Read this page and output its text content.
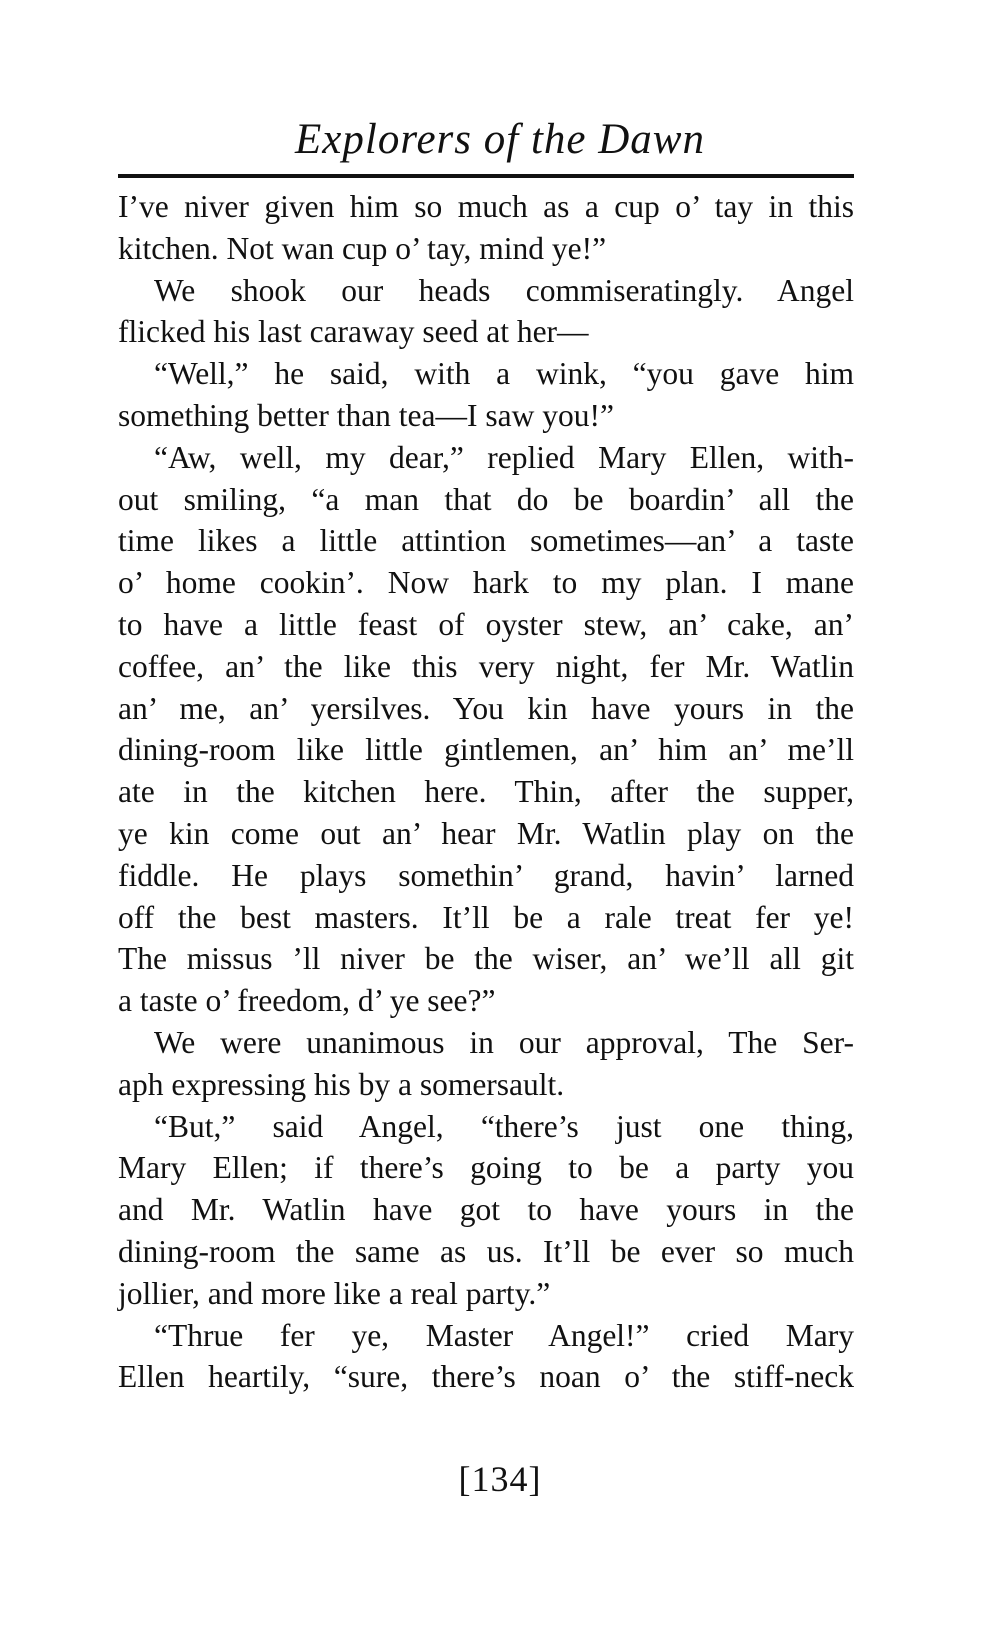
Explorers of the Dawn
I’ve niver given him so much as a cup o’ tay in this
kitchen. Not wan cup o’ tay, mind ye!”
We shook our heads commiseratingly. Angel
flicked his last caraway seed at her—
“Well,” he said, with a wink, “you gave him
something better than tea—I saw you!”
“Aw, well, my dear,” replied Mary Ellen, with-
out smiling, “a man that do be boardin’ all the
time likes a little attintion sometimes—an’ a taste
o’ home cookin’. Now hark to my plan. I mane
to have a little feast of oyster stew, an’ cake, an’
coffee, an’ the like this very night, fer Mr. Watlin
an’ me, an’ yersilves. You kin have yours in the
dining-room like little gintlemen, an’ him an’ me’ll
ate in the kitchen here. Thin, after the supper,
ye kin come out an’ hear Mr. Watlin play on the
fiddle. He plays somethin’ grand, havin’ larned
off the best masters. It’ll be a rale treat fer ye!
The missus ’ll niver be the wiser, an’ we’ll all git
a taste o’ freedom, d’ ye see?”
We were unanimous in our approval, The Ser-
aph expressing his by a somersault.
“But,” said Angel, “there’s just one thing,
Mary Ellen; if there’s going to be a party you
and Mr. Watlin have got to have yours in the
dining-room the same as us. It’ll be ever so much
jollier, and more like a real party.”
“Thrue fer ye, Master Angel!” cried Mary
Ellen heartily, “sure, there’s noan o’ the stiff-neck
[134]
